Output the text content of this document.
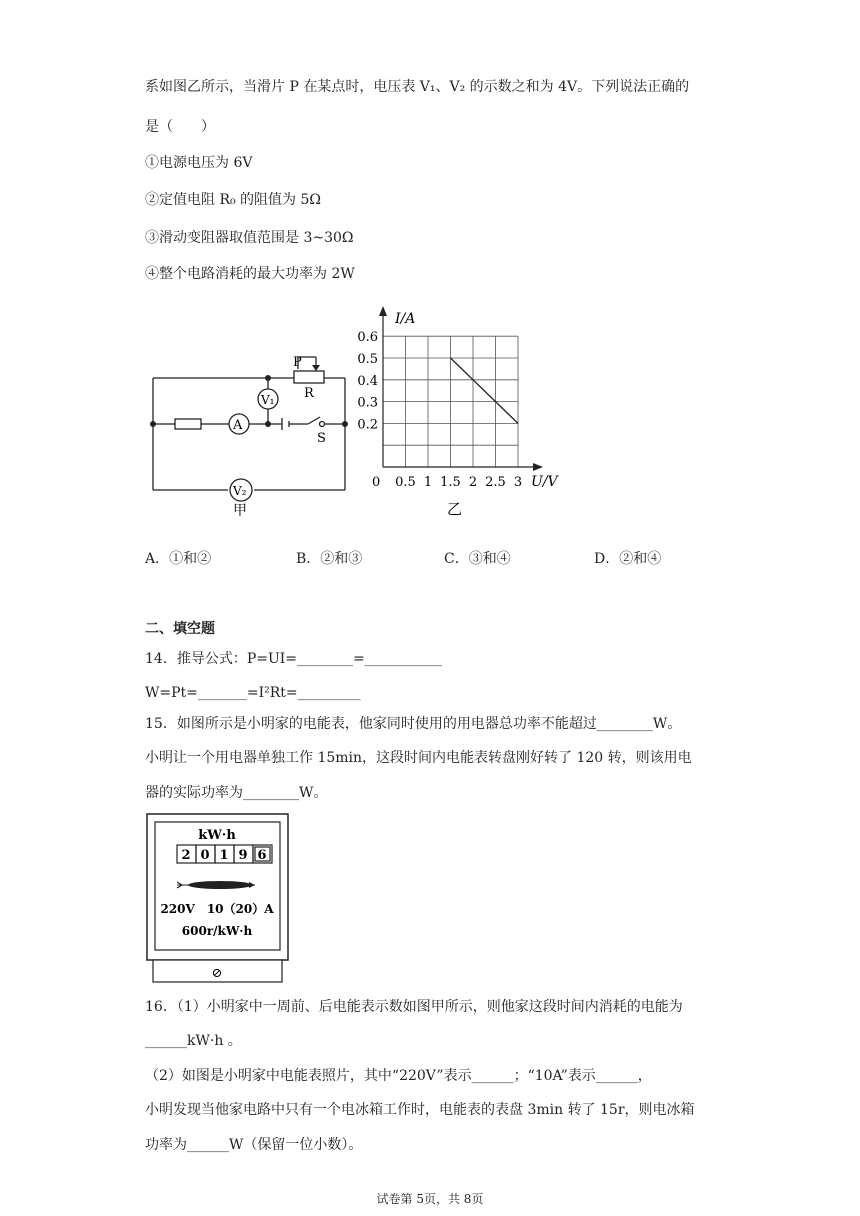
系如图乙所示，当滑片 P 在某点时，电压表 V₁、V₂ 的示数之和为 4V。下列说法正确的
是（　　）
①电源电压为 6V
②定值电阻 R₀ 的阻值为 5Ω
③滑动变阻器取值范围是 3~30Ω
④整个电路消耗的最大功率为 2W
P
R
A
V₁
V₂
S
甲
0.5 1 1.5 2 2.5 3
0.2
0.3
0.4
0.5
0.6
I/A
U/V
0
乙
A．①和②	B．②和③	C．③和④	D．②和④
二、填空题
14．推导公式：P=UI=________=___________
W=Pt=_______=I²Rt=_________
15．如图所示是小明家的电能表，他家同时使用的用电器总功率不能超过________W。
小明让一个用电器单独工作 15min，这段时间内电能表转盘刚好转了 120 转，则该用电
器的实际功率为________W。
kW·h
2 0 1 9 6
220V　10（20）A
600r/kW·h
⊘
16．（1）小明家中一周前、后电能表示数如图甲所示，则他家这段时间内消耗的电能为
______kW·h 。
（2）如图是小明家中电能表照片，其中“220V”表示______；“10A”表示______，
小明发现当他家电路中只有一个电冰箱工作时，电能表的表盘 3min 转了 15r，则电冰箱
功率为______W（保留一位小数）。
试卷第 5页，共 8页
